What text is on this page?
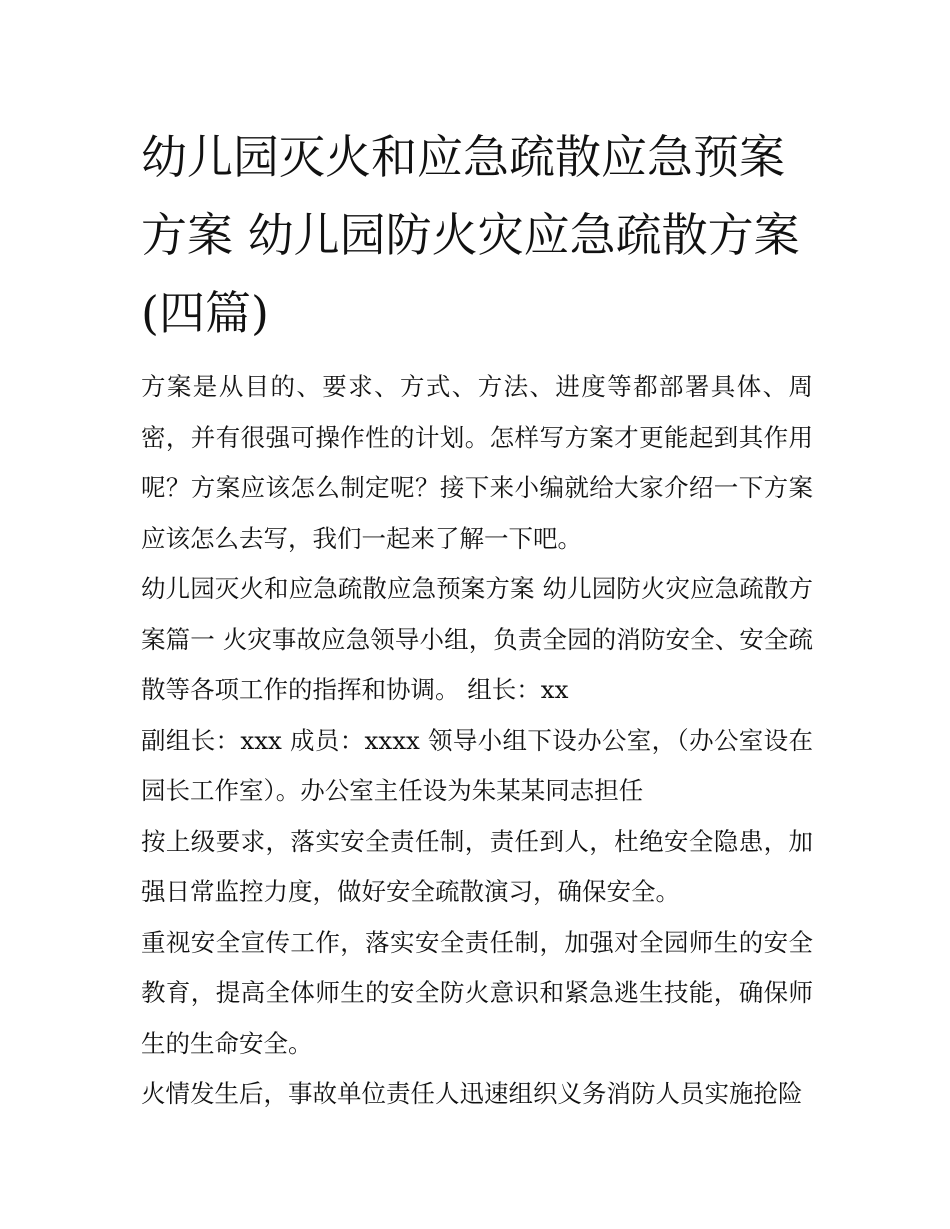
幼儿园灭火和应急疏散应急预案方案 幼儿园防火灾应急疏散方案(四篇)

方案是从目的、要求、方式、方法、进度等都部署具体、周密，并有很强可操作性的计划。怎样写方案才更能起到其作用呢？方案应该怎么制定呢？接下来小编就给大家介绍一下方案应该怎么去写，我们一起来了解一下吧。

幼儿园灭火和应急疏散应急预案方案 幼儿园防火灾应急疏散方案篇一 火灾事故应急领导小组，负责全园的消防安全、安全疏散等各项工作的指挥和协调。 组长：xx

副组长：xxx 成员：xxxx 领导小组下设办公室，（办公室设在园长工作室）。办公室主任设为朱某某同志担任

按上级要求，落实安全责任制，责任到人，杜绝安全隐患，加强日常监控力度，做好安全疏散演习，确保安全。

重视安全宣传工作，落实安全责任制，加强对全园师生的安全教育，提高全体师生的安全防火意识和紧急逃生技能，确保师生的生命安全。

火情发生后，事故单位责任人迅速组织义务消防人员实施抢险
